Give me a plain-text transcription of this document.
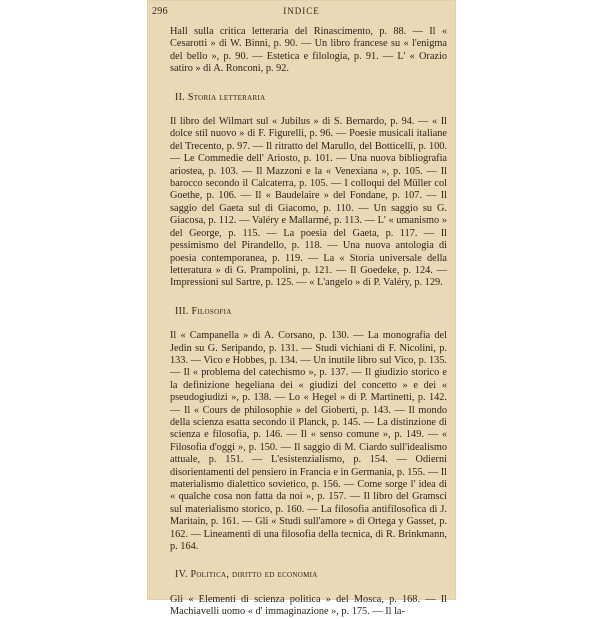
296	INDICE

Hall sulla critica letteraria del Rinascimento, p. 88. — Il « Cesarotti » di W. Binni, p. 90. — Un libro francese su « l'enigma del bello », p. 90. — Estetica e filologia, p. 91. — L' « Orazio satiro » di A. Ronconi, p. 92.

II. Storia letteraria

Il libro del Wilmart sul « Jubilus » di S. Bernardo, p. 94. — « Il dolce stil nuovo » di F. Figurelli, p. 96. — Poesie musicali italiane del Trecento, p. 97. — Il ritratto del Marullo, del Botticelli, p. 100. — Le Commedie dell' Ariosto, p. 101. — Una nuova bibliografia ariostea, p. 103. — Il Mazzoni e la « Venexiana », p. 105. — Il barocco secondo il Calcaterra, p. 105. — I colloqui del Müller col Goethe, p. 106. — Il « Baudelaire » del Fondane, p. 107. — Il saggio del Gaeta sul di Giacomo, p. 110. — Un saggio su G. Giacosa, p. 112. — Valéry e Mallarmé, p. 113. — L' « umanismo » del George, p. 115. — La poesia del Gaeta, p. 117. — Il pessimismo del Pirandello, p. 118. — Una nuova antologia di poesia contemporanea, p. 119. — La « Storia universale della letteratura » di G. Prampolini, p. 121. — Il Goedeke, p. 124. — Impressioni sul Sartre, p. 125. — « L'angelo » di P. Valéry, p. 129.

III. Filosofia

Il « Campanella » di A. Corsano, p. 130. — La monografia del Jedin su G. Seripando, p. 131. — Studi vichiani di F. Nicolini, p. 133. — Vico e Hobbes, p. 134. — Un inutile libro sul Vico, p. 135. — Il « problema del catechismo », p. 137. — Il giudizio storico e la definizione hegeliana dei « giudizi del concetto » e dei « pseudogiudizi », p. 138. — Lo « Hegel » di P. Martinetti, p. 142. — Il « Cours de philosophie » del Gioberti, p. 143. — Il mondo della scienza esatta secondo il Planck, p. 145. — La distinzione di scienza e filosofia, p. 146. — Il « senso comune », p. 149. — « Filosofia d'oggi », p. 150. — Il saggio di M. Ciardo sull'idealismo attuale, p. 151. — L'esistenzialismo, p. 154. — Odierni disorientamenti del pensiero in Francia e in Germania, p. 155. — Il materialismo dialettico sovietico, p. 156. — Come sorge l' idea di « qualche cosa non fatta da noi », p. 157. — Il libro del Gramsci sul materialismo storico, p. 160. — La filosofia antifilosofica di J. Maritain, p. 161. — Gli « Studi sull'amore » di Ortega y Gasset, p. 162. — Lineamenti di una filosofia della tecnica, di R. Brinkmann, p. 164.

IV. Politica, diritto ed economia

Gli « Elementi di scienza politica » del Mosca, p. 168. — Il Machiavelli uomo « d' immaginazione », p. 175. — Il la-
